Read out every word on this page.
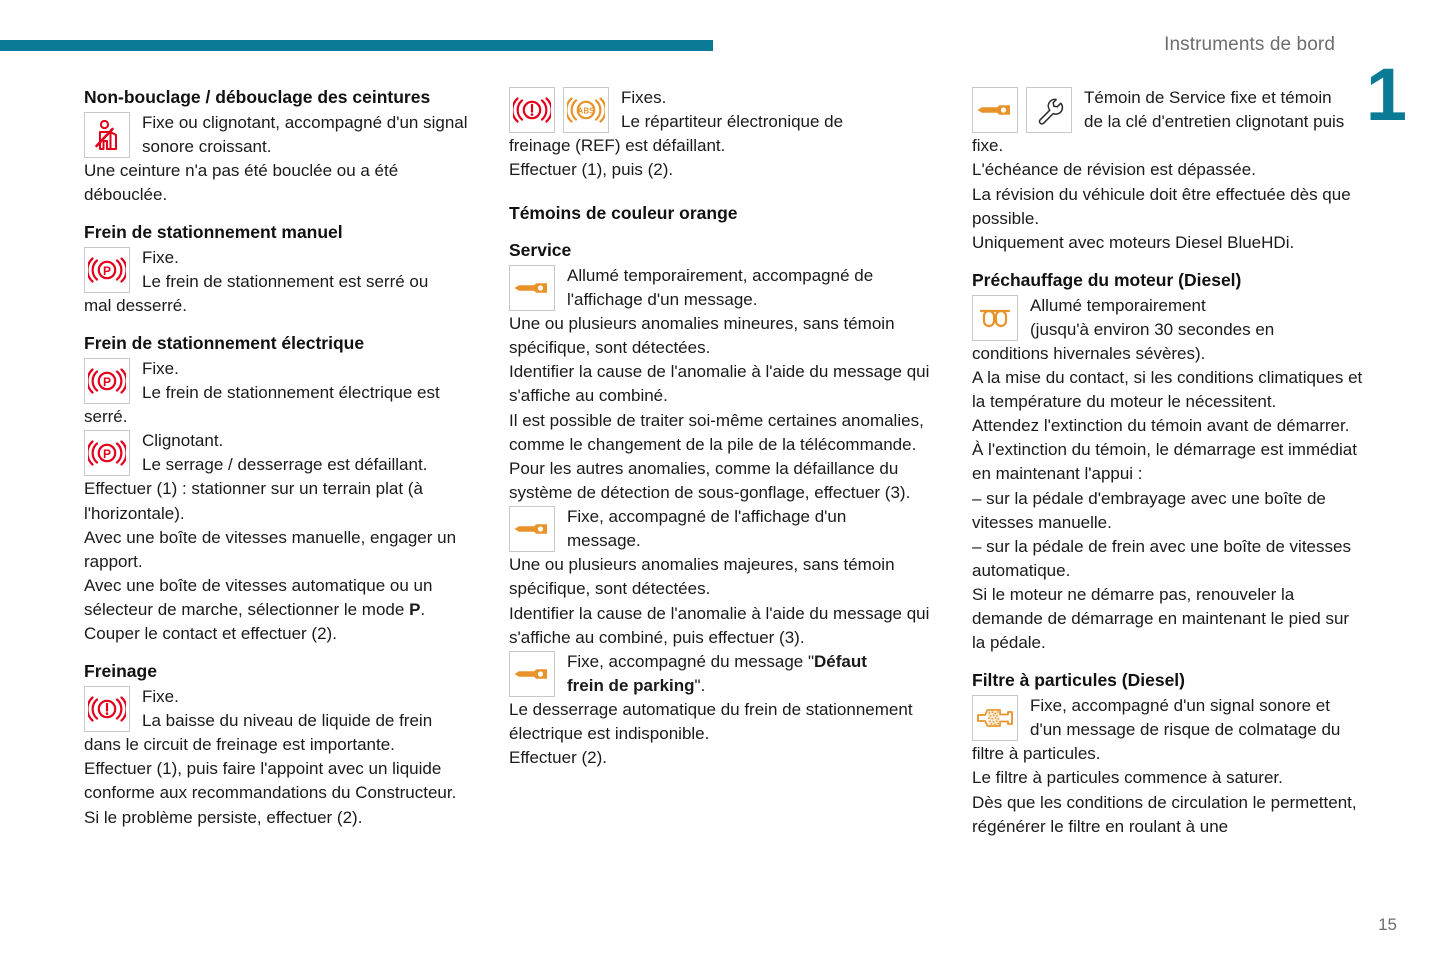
Instruments de bord
1
15
Non-bouclage / débouclage des ceintures
Fixe ou clignotant, accompagné d'un signal sonore croissant.

Une ceinture n'a pas été bouclée ou a été débouclée.

Frein de stationnement manuel
P
Fixe.
Le frein de stationnement est serré ou

mal desserré.

Frein de stationnement électrique
P
Fixe.
Le frein de stationnement électrique est

serré.

P
Clignotant.
Le serrage / desserrage est défaillant.

Effectuer (1) : stationner sur un terrain plat (à l'horizontale).

Avec une boîte de vitesses manuelle, engager un rapport.

Avec une boîte de vitesses automatique ou un sélecteur de marche, sélectionner le mode P.

Couper le contact et effectuer (2).

Freinage
Fixe.
La baisse du niveau de liquide de frein

dans le circuit de freinage est importante.
Effectuer (1), puis faire l'appoint avec un liquide conforme aux recommandations du Constructeur. Si le problème persiste, effectuer (2).

ABS
Fixes.
Le répartiteur électronique de

freinage (REF) est défaillant.

Effectuer (1), puis (2).

Témoins de couleur orange
Service
Allumé temporairement, accompagné de
l'affichage d'un message.

Une ou plusieurs anomalies mineures, sans témoin spécifique, sont détectées.
Identifier la cause de l'anomalie à l'aide du message qui s'affiche au combiné.
Il est possible de traiter soi-même certaines anomalies, comme le changement de la pile de la télécommande.
Pour les autres anomalies, comme la défaillance du système de détection de sous-gonflage, effectuer (3).

Fixe, accompagné de l'affichage d'un
message.

Une ou plusieurs anomalies majeures, sans témoin spécifique, sont détectées.
Identifier la cause de l'anomalie à l'aide du message qui s'affiche au combiné, puis effectuer (3).

Fixe, accompagné du message "Défaut
frein de parking".

Le desserrage automatique du frein de stationnement électrique est indisponible.
Effectuer (2).

Témoin de Service fixe et témoin
de la clé d'entretien clignotant puis

fixe.
L'échéance de révision est dépassée.
La révision du véhicule doit être effectuée dès que possible.
Uniquement avec moteurs Diesel BlueHDi.

Préchauffage du moteur (Diesel)
Allumé temporairement
(jusqu'à environ 30 secondes en

conditions hivernales sévères).
A la mise du contact, si les conditions climatiques et la température du moteur le nécessitent.
Attendez l'extinction du témoin avant de démarrer.
À l'extinction du témoin, le démarrage est immédiat en maintenant l'appui :
– sur la pédale d'embrayage avec une boîte de vitesses manuelle.
– sur la pédale de frein avec une boîte de vitesses automatique.
Si le moteur ne démarre pas, renouveler la demande de démarrage en maintenant le pied sur la pédale.

Filtre à particules (Diesel)
Fixe, accompagné d'un signal sonore et
d'un message de risque de colmatage du

filtre à particules.
Le filtre à particules commence à saturer.
Dès que les conditions de circulation le permettent, régénérer le filtre en roulant à une
